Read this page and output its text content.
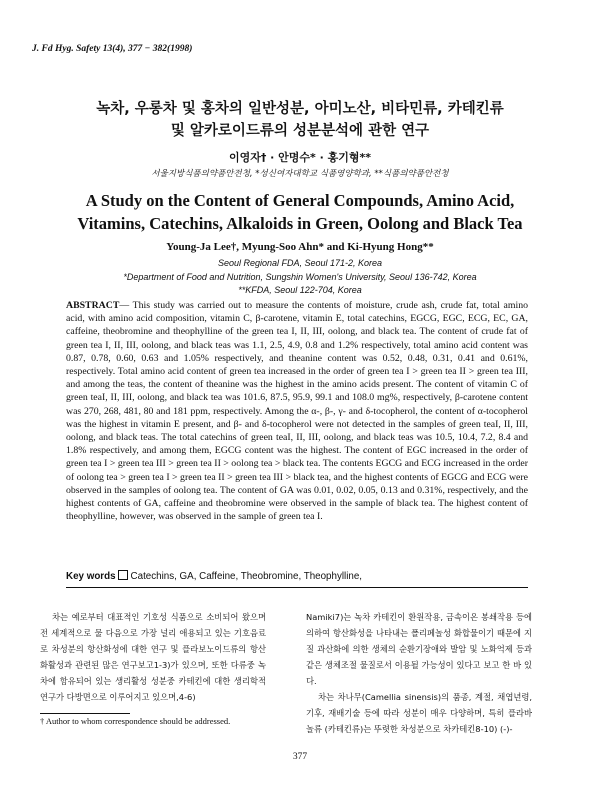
J. Fd Hyg. Safety 13(4), 377 − 382(1998)
녹차, 우롱차 및 홍차의 일반성분, 아미노산, 비타민류, 카테킨류
및 알카로이드류의 성분분석에 관한 연구
이영자† · 안명수* · 홍기형**
서울지방식품의약품안전청, *성신여자대학교 식품영양학과, **식품의약품안전청
A Study on the Content of General Compounds, Amino Acid,
Vitamins, Catechins, Alkaloids in Green, Oolong and Black Tea
Young-Ja Lee†, Myung-Soo Ahn* and Ki-Hyung Hong**
Seoul Regional FDA, Seoul 171-2, Korea
*Department of Food and Nutrition, Sungshin Women's University, Seoul 136-742, Korea
**KFDA, Seoul 122-704, Korea
ABSTRACT— This study was carried out to measure the contents of moisture, crude ash, crude fat, total amino acid, with amino acid composition, vitamin C, β-carotene, vitamin E, total catechins, EGCG, EGC, ECG, EC, GA, caffeine, theobromine and theophylline of the green tea I, II, III, oolong, and black tea. The content of crude fat of green tea I, II, III, oolong, and black teas was 1.1, 2.5, 4.9, 0.8 and 1.2% respectively, total amino acid content was 0.87, 0.78, 0.60, 0.63 and 1.05% respectively, and theanine content was 0.52, 0.48, 0.31, 0.41 and 0.61%, respectively. Total amino acid content of green tea increased in the order of green tea I > green tea II > green tea III, and among the teas, the content of theanine was the highest in the amino acids present. The content of vitamin C of green teaI, II, III, oolong, and black tea was 101.6, 87.5, 95.9, 99.1 and 108.0 mg%, respectively, β-carotene content was 270, 268, 481, 80 and 181 ppm, respectively. Among the α-, β-, γ- and δ-tocopherol, the content of α-tocopherol was the highest in vitamin E present, and β- and δ-tocopherol were not detected in the samples of green teaI, II, III, oolong, and black teas. The total catechins of green teaI, II, III, oolong, and black teas was 10.5, 10.4, 7.2, 8.4 and 1.8% respectively, and among them, EGCG content was the highest. The content of EGC increased in the order of green tea I > green tea III > green tea II > oolong tea > black tea. The contents EGCG and ECG increased in the order of oolong tea > green tea I > green tea II > green tea III > black tea, and the highest contents of EGCG and ECG were observed in the samples of oolong tea. The content of GA was 0.01, 0.02, 0.05, 0.13 and 0.31%, respectively, and the highest contents of GA, caffeine and theobromine were observed in the sample of black tea. The highest content of theophylline, however, was observed in the sample of green tea I.
Key words Catechins, GA, Caffeine, Theobromine, Theophylline,

차는 예로부터 대표적인 기호성 식품으로 소비되어 왔으며 전 세계적으로 물 다음으로 가장 널리 애용되고 있는 기호음료로 차성분의 항산화성에 대한 연구 및 플라보노이드류의 항산화활성과 관련된 많은 연구보고1-3)가 있으며, 또한 다류중 녹차에 함유되어 있는 생리활성 성분중 카테킨에 대한 생리학적 연구가 다방면으로 이루어지고 있으며,4-6)

Namiki7)는 녹차 카테킨이 환원작용, 금속이온 봉쇄작용 등에 의하여 항산화성을 나타내는 폴리페놀성 화합물이기 때문에 지질 과산화에 의한 생체의 순환기장애와 발암 및 노화억제 등과 같은 생체조절 물질로서 이용될 가능성이 있다고 보고 한 바 있다.

차는 차나무(Camellia sinensis)의 품종, 계절, 채엽년령, 기후, 재배기술 등에 따라 성분이 매우 다양하며, 특히 플라바놀류 (카테킨류)는 뚜렷한 차성분으로 차카테킨8-10) (-)-

† Author to whom correspondence should be addressed.
377
